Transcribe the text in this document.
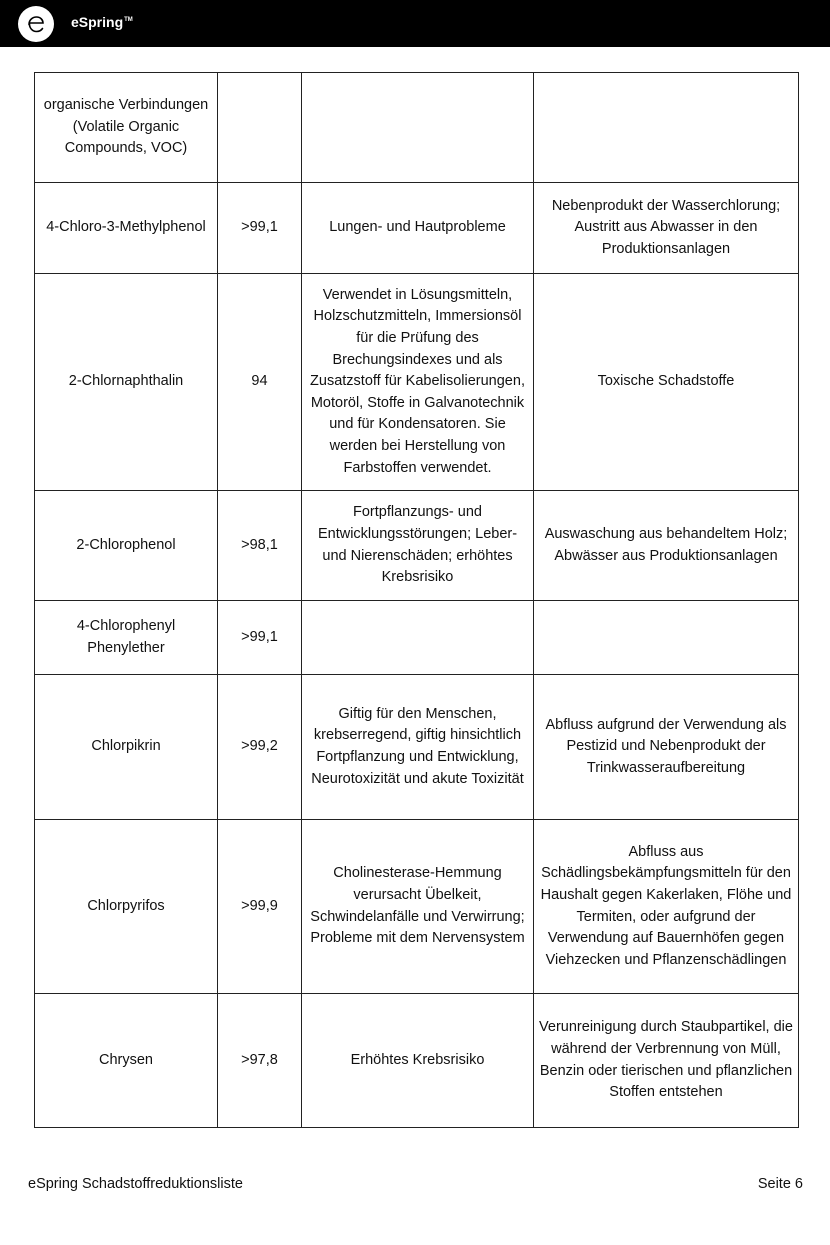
eSpring™
organische Verbindungen (Volatile Organic Compounds, VOC)			
4-Chloro-3-Methylphenol	>99,1	Lungen- und Hautprobleme	Nebenprodukt der Wasserchlorung; Austritt aus Abwasser in den Produktionsanlagen
2-Chlornaphthalin	94	Verwendet in Lösungsmitteln, Holzschutzmitteln, Immersionsöl für die Prüfung des Brechungsindexes und als Zusatzstoff für Kabelisolierungen, Motoröl, Stoffe in Galvanotechnik und für Kondensatoren. Sie werden bei Herstellung von Farbstoffen verwendet.	Toxische Schadstoffe
2-Chlorophenol	>98,1	Fortpflanzungs- und Entwicklungsstörungen; Leber- und Nierenschäden; erhöhtes Krebsrisiko	Auswaschung aus behandeltem Holz; Abwässer aus Produktionsanlagen
4-Chlorophenyl Phenylether	>99,1		
Chlorpikrin	>99,2	Giftig für den Menschen, krebserregend, giftig hinsichtlich Fortpflanzung und Entwicklung, Neurotoxizität und akute Toxizität	Abfluss aufgrund der Verwendung als Pestizid und Nebenprodukt der Trinkwasseraufbereitung
Chlorpyrifos	>99,9	Cholinesterase-Hemmung verursacht Übelkeit, Schwindelanfälle und Verwirrung; Probleme mit dem Nervensystem	Abfluss aus Schädlingsbekämpfungsmitteln für den Haushalt gegen Kakerlaken, Flöhe und Termiten, oder aufgrund der Verwendung auf Bauernhöfen gegen Viehzecken und Pflanzenschädlingen
Chrysen	>97,8	Erhöhtes Krebsrisiko	Verunreinigung durch Staubpartikel, die während der Verbrennung von Müll, Benzin oder tierischen und pflanzlichen Stoffen entstehen
eSpring Schadstoffreduktionsliste	Seite 6
